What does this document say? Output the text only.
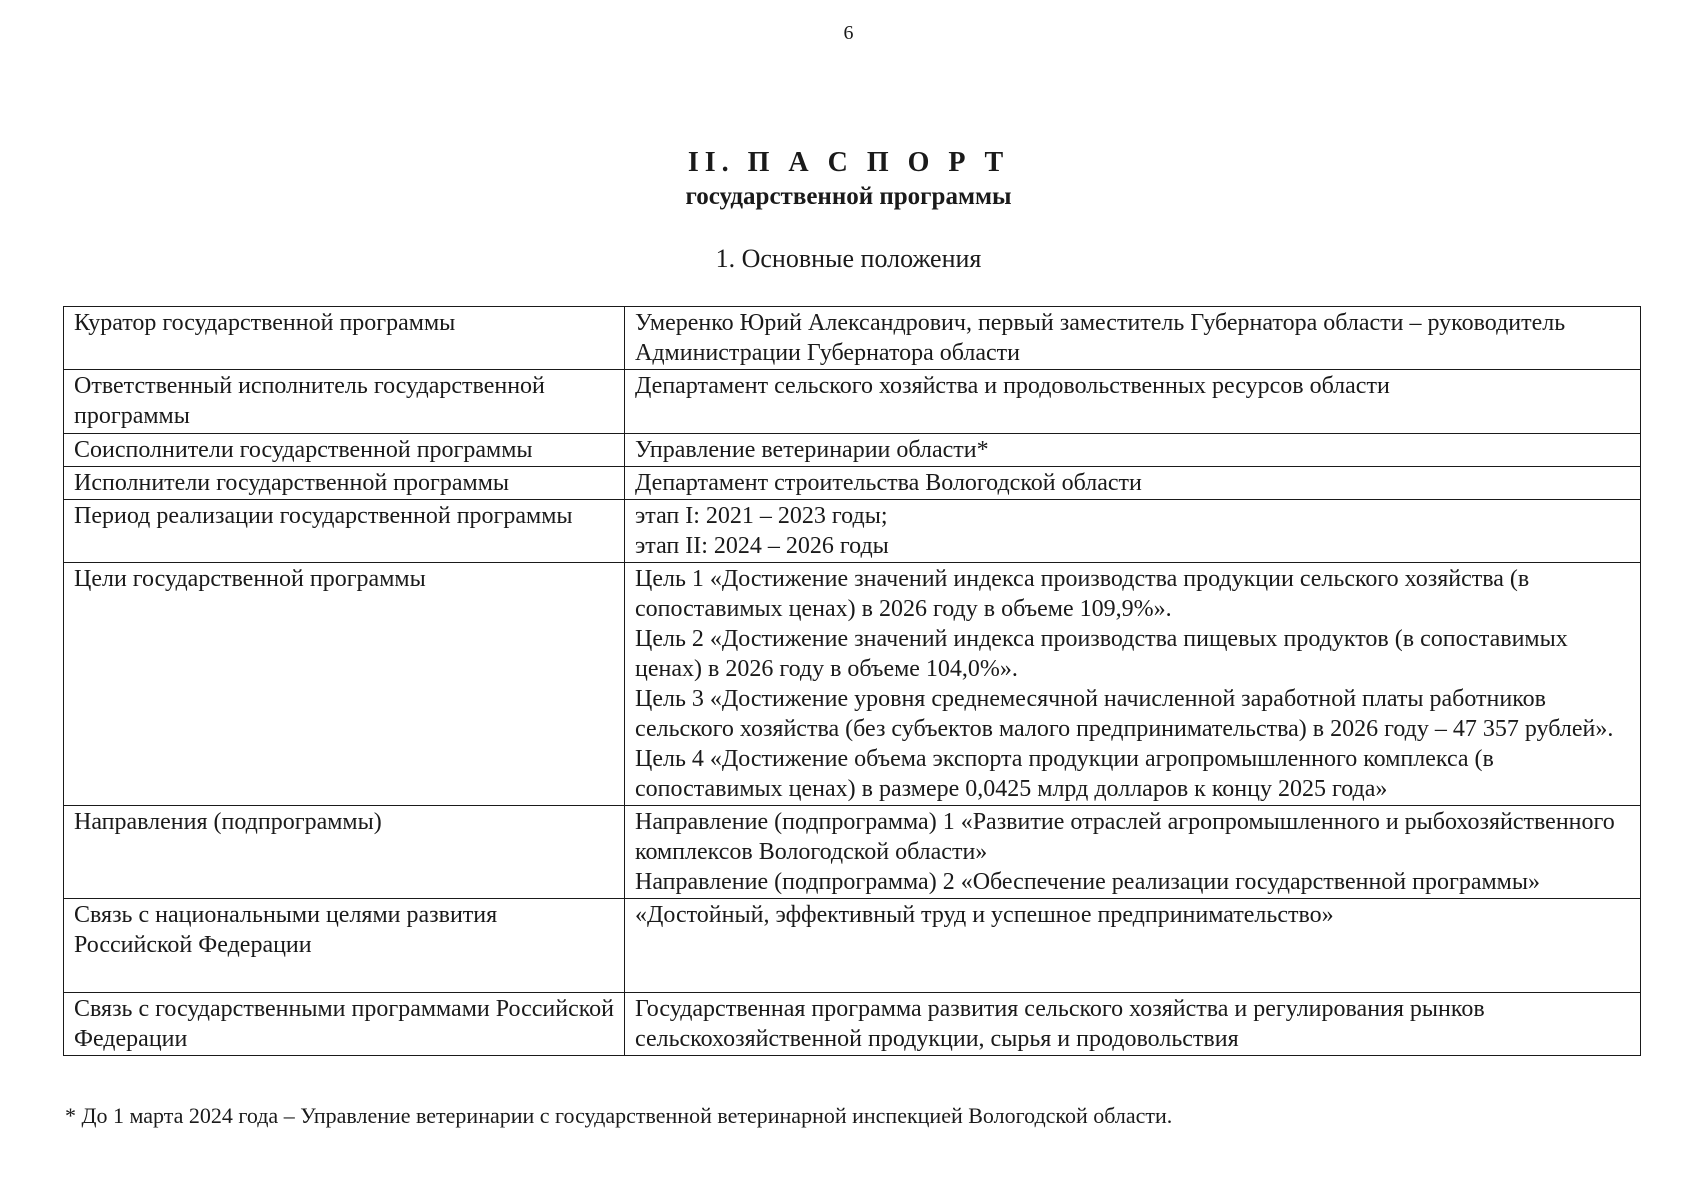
6
II. П А С П О Р Т
государственной программы
1. Основные положения
Куратор государственной программы	Умеренко Юрий Александрович, первый заместитель Губернатора области – руководитель Администрации Губернатора области

Ответственный исполнитель государственной программы	Департамент сельского хозяйства и продовольственных ресурсов области

Соисполнители государственной программы	Управление ветеринарии области*

Исполнители государственной программы	Департамент строительства Вологодской области

Период реализации государственной программы	этап I: 2021 – 2023 годы;
этап II: 2024 – 2026 годы

Цели государственной программы	Цель 1 «Достижение значений индекса производства продукции сельского хозяйства (в сопоставимых ценах) в 2026 году в объеме 109,9%».
Цель 2 «Достижение значений индекса производства пищевых продуктов (в сопоставимых ценах) в 2026 году в объеме 104,0%».
Цель 3 «Достижение уровня среднемесячной начисленной заработной платы работников сельского хозяйства (без субъектов малого предпринимательства) в 2026 году – 47 357 рублей».
Цель 4 «Достижение объема экспорта продукции агропромышленного комплекса (в сопоставимых ценах) в размере 0,0425 млрд долларов к концу 2025 года»

Направления (подпрограммы)	Направление (подпрограмма) 1 «Развитие отраслей агропромышленного и рыбохозяйственного комплексов Вологодской области»
Направление (подпрограмма) 2 «Обеспечение реализации государственной программы»

Связь с национальными целями развития Российской Федерации	«Достойный, эффективный труд и успешное предпринимательство»

Связь с государственными программами Российской Федерации	Государственная программа развития сельского хозяйства и регулирования рынков сельскохозяйственной продукции, сырья и продовольствия
* До 1 марта 2024 года – Управление ветеринарии с государственной ветеринарной инспекцией Вологодской области.
